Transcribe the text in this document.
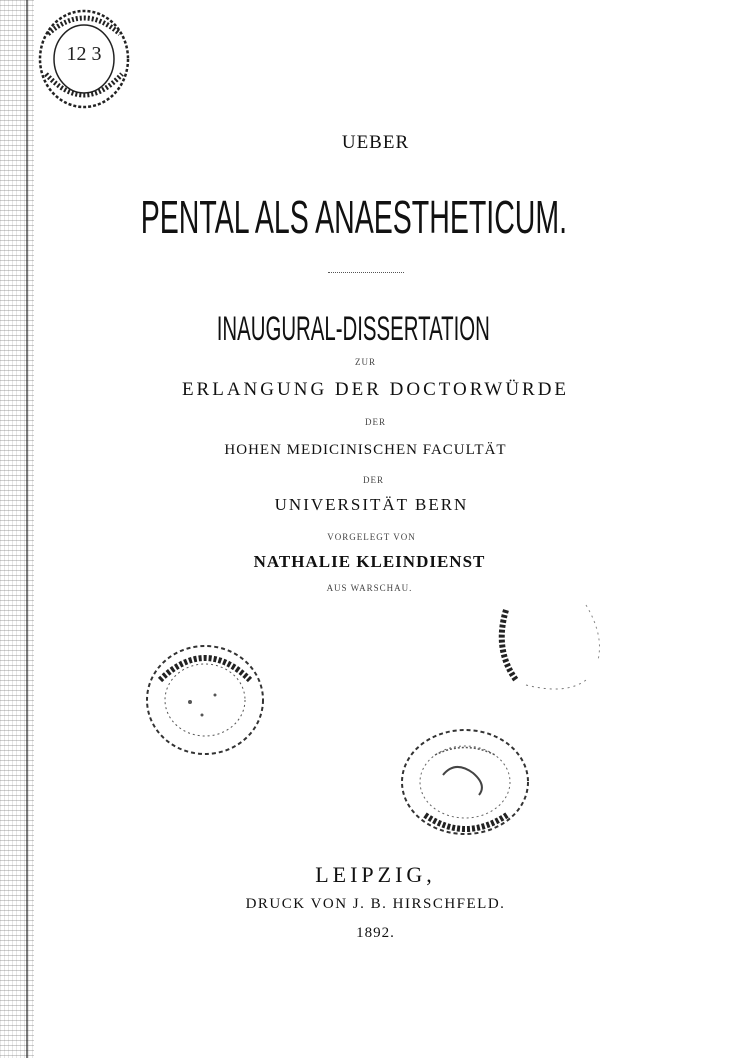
12 3
UEBER
PENTAL ALS ANAESTHETICUM.
INAUGURAL-DISSERTATION
ZUR
ERLANGUNG DER DOCTORWÜRDE
DER
HOHEN MEDICINISCHEN FACULTÄT
DER
UNIVERSITÄT BERN
VORGELEGT VON
NATHALIE KLEINDIENST
AUS WARSCHAU.
LEIPZIG,
DRUCK VON J. B. HIRSCHFELD.
1892.
